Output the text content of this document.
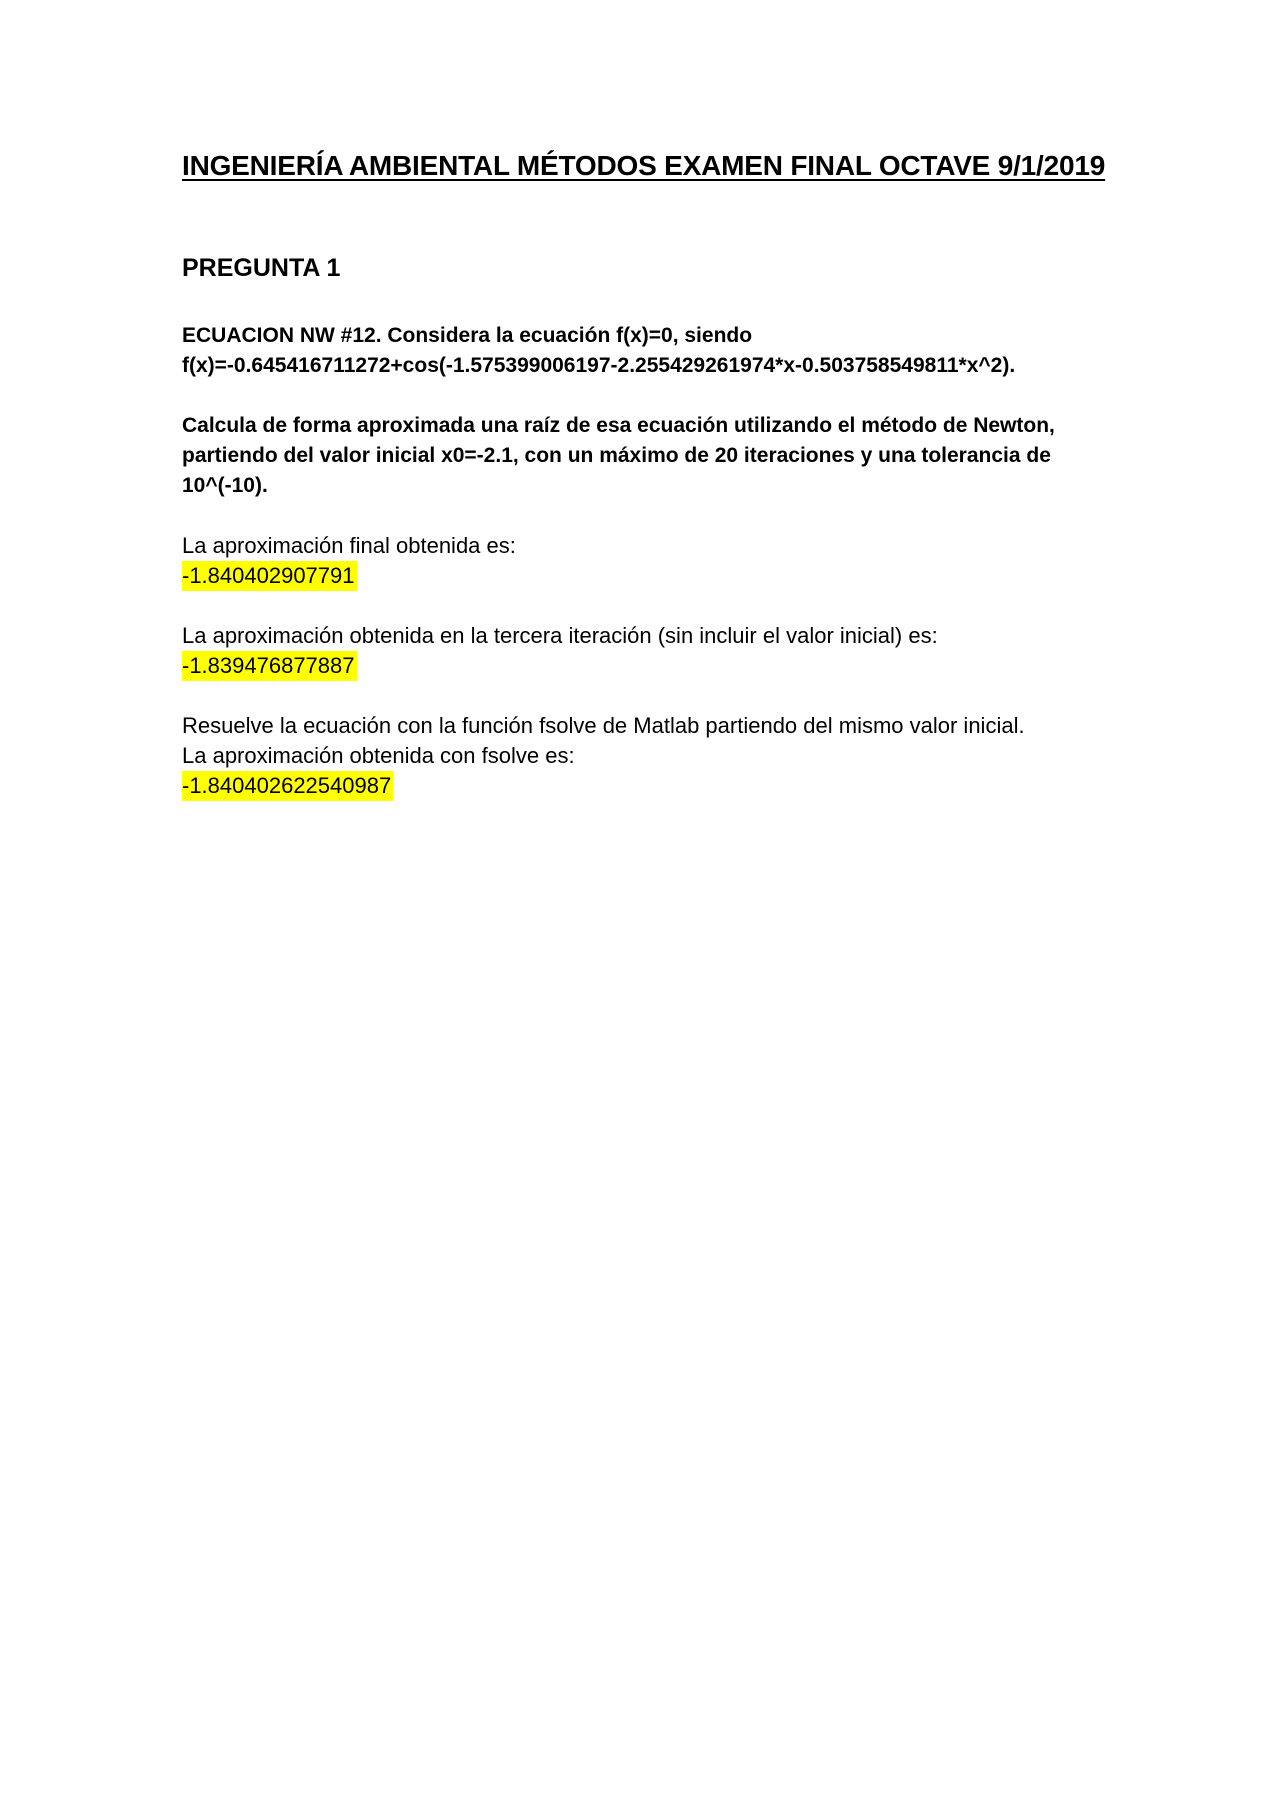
INGENIERÍA AMBIENTAL MÉTODOS EXAMEN FINAL OCTAVE 9/1/2019
PREGUNTA 1

ECUACION NW #12. Considera la ecuación f(x)=0, siendo f(x)=-0.645416711272+cos(-1.575399006197-2.255429261974*x-0.503758549811*x^2).

Calcula de forma aproximada una raíz de esa ecuación utilizando el método de Newton, partiendo del valor inicial x0=-2.1, con un máximo de 20 iteraciones y una tolerancia de 10^(-10).

La aproximación final obtenida es:
-1.840402907791
La aproximación obtenida en la tercera iteración (sin incluir el valor inicial) es:
-1.839476877887
Resuelve la ecuación con la función fsolve de Matlab partiendo del mismo valor inicial.
La aproximación obtenida con fsolve es:
-1.840402622540987
